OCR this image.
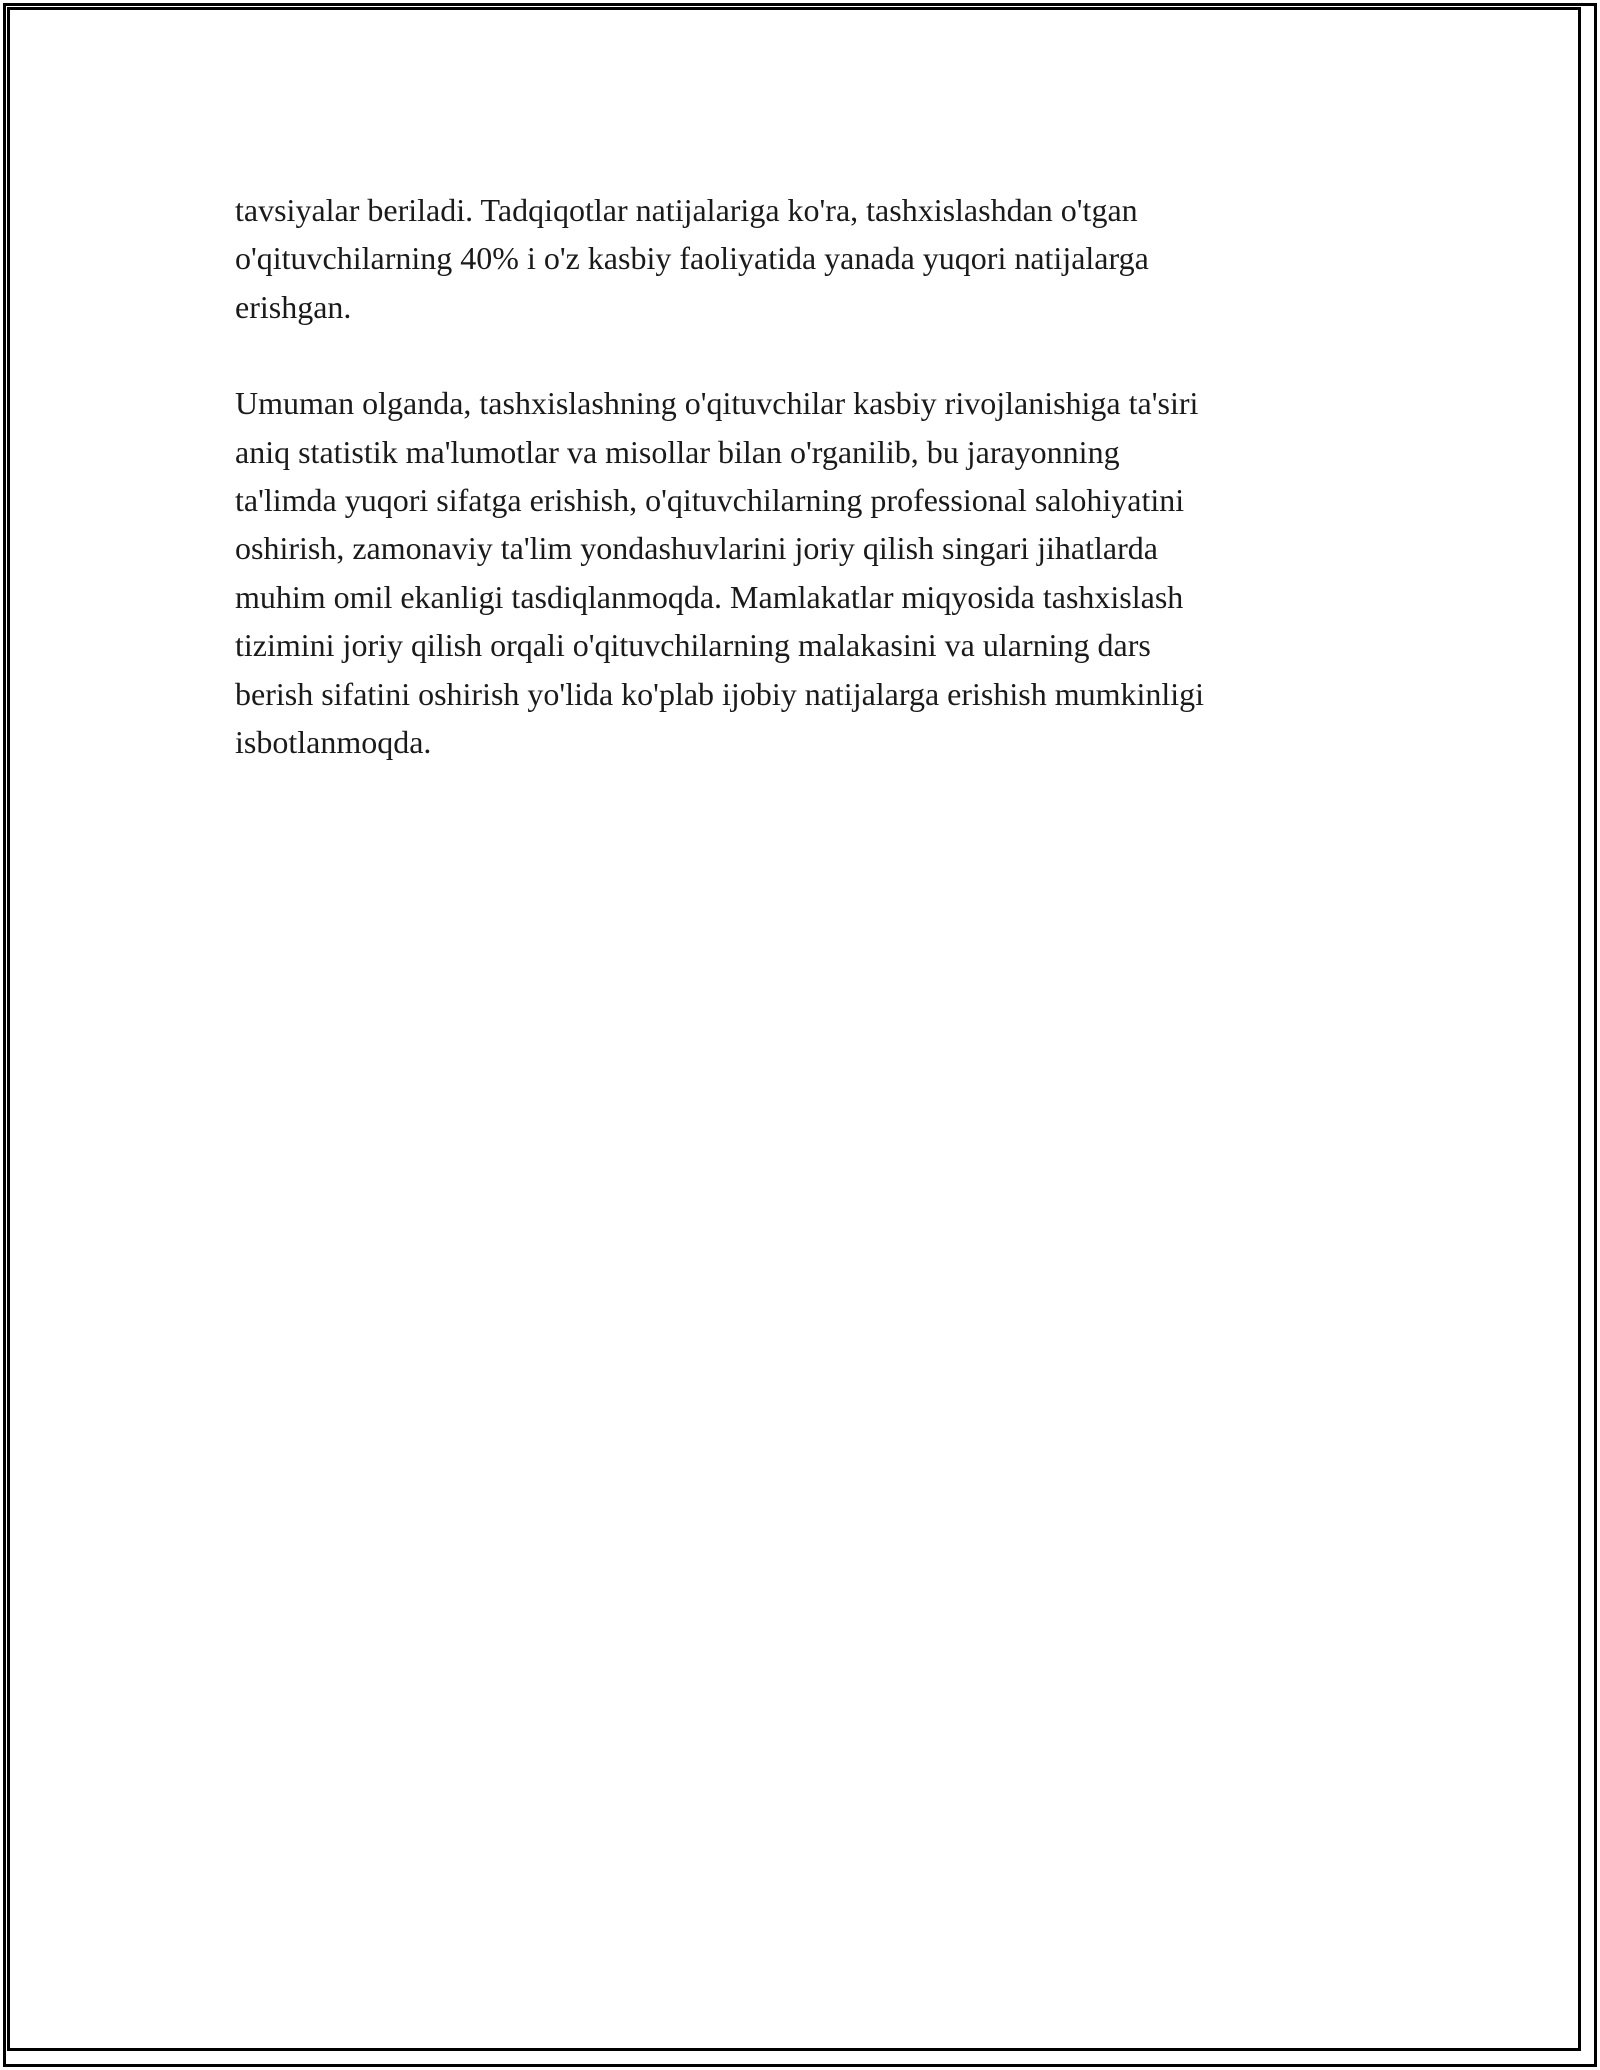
tavsiyalar beriladi. Tadqiqotlar natijalariga ko'ra, tashxislashdan o'tgan
o'qituvchilarning 40% i o'z kasbiy faoliyatida yanada yuqori natijalarga
erishgan.

Umuman olganda, tashxislashning o'qituvchilar kasbiy rivojlanishiga ta'siri
aniq statistik ma'lumotlar va misollar bilan o'rganilib, bu jarayonning
ta'limda yuqori sifatga erishish, o'qituvchilarning professional salohiyatini
oshirish, zamonaviy ta'lim yondashuvlarini joriy qilish singari jihatlarda
muhim omil ekanligi tasdiqlanmoqda. Mamlakatlar miqyosida tashxislash
tizimini joriy qilish orqali o'qituvchilarning malakasini va ularning dars
berish sifatini oshirish yo'lida ko'plab ijobiy natijalarga erishish mumkinligi
isbotlanmoqda.
